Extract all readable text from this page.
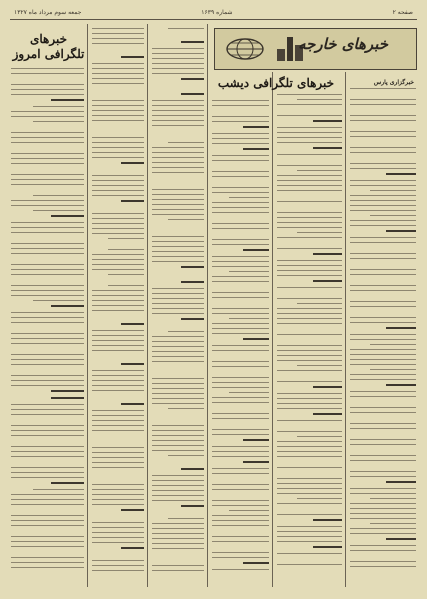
جمعه سوم مرداد ماه ۱۳۲۷	۱۶۳۹ شماره	صفحه ۲
خبرهای خارجه
خبرهای تلگرافی امروز
خبرهای تلگرافی دیشب	خبرگزاری پارس
